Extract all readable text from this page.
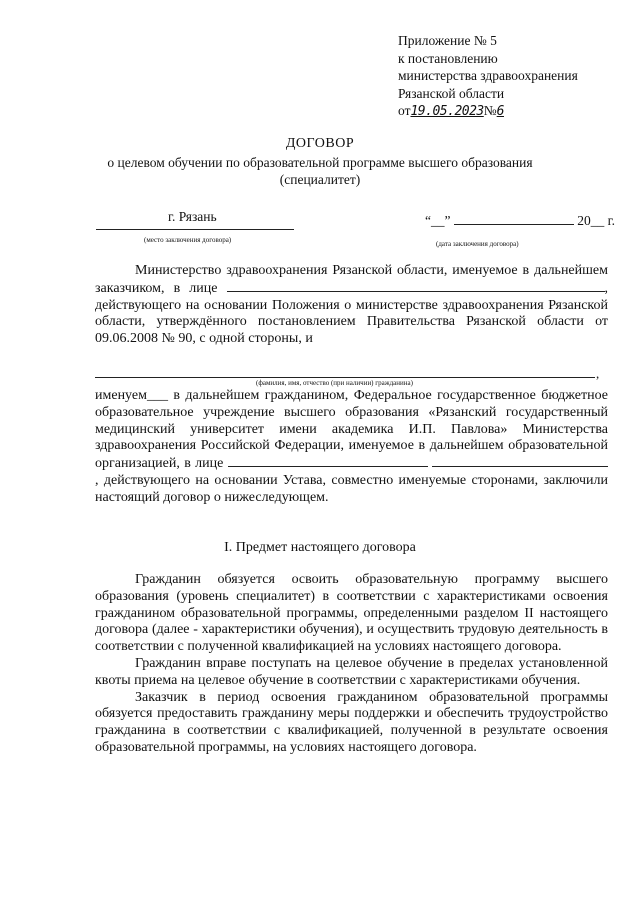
Приложение № 5
к постановлению
министерства здравоохранения
Рязанской области
от19.05.2023№6
ДОГОВОР
о целевом обучении по образовательной программе высшего образования
(специалитет)
г. Рязань
(место заключения договора)
“__”	20__ г.
(дата заключения договора)

Министерство здравоохранения Рязанской области, именуемое в дальнейшем заказчиком, в лице	, действующего на основании Положения о министерстве здравоохранения Рязанской области, утверждённого постановлением Правительства Рязанской области от 09.06.2008 № 90, с одной стороны, и

,
(фамилия, имя, отчество (при наличии) гражданина)

именуем___ в дальнейшем гражданином, Федеральное государственное бюджетное образовательное учреждение высшего образования «Рязанский государственный медицинский университет имени академика И.П. Павлова» Министерства здравоохранения Российской Федерации, именуемое в дальнейшем образовательной организацией, в лице  , действующего на основании Устава, совместно именуемые сторонами, заключили настоящий договор о нижеследующем.

I. Предмет настоящего договора

Гражданин обязуется освоить образовательную программу высшего образования (уровень специалитет) в соответствии с характеристиками освоения гражданином образовательной программы, определенными разделом II настоящего договора (далее - характеристики обучения), и осуществить трудовую деятельность в соответствии с полученной квалификацией на условиях настоящего договора.

Гражданин вправе поступать на целевое обучение в пределах установленной квоты приема на целевое обучение в соответствии с характеристиками обучения.

Заказчик в период освоения гражданином образовательной программы обязуется предоставить гражданину меры поддержки и обеспечить трудоустройство гражданина в соответствии с квалификацией, полученной в результате освоения образовательной программы, на условиях настоящего договора.
